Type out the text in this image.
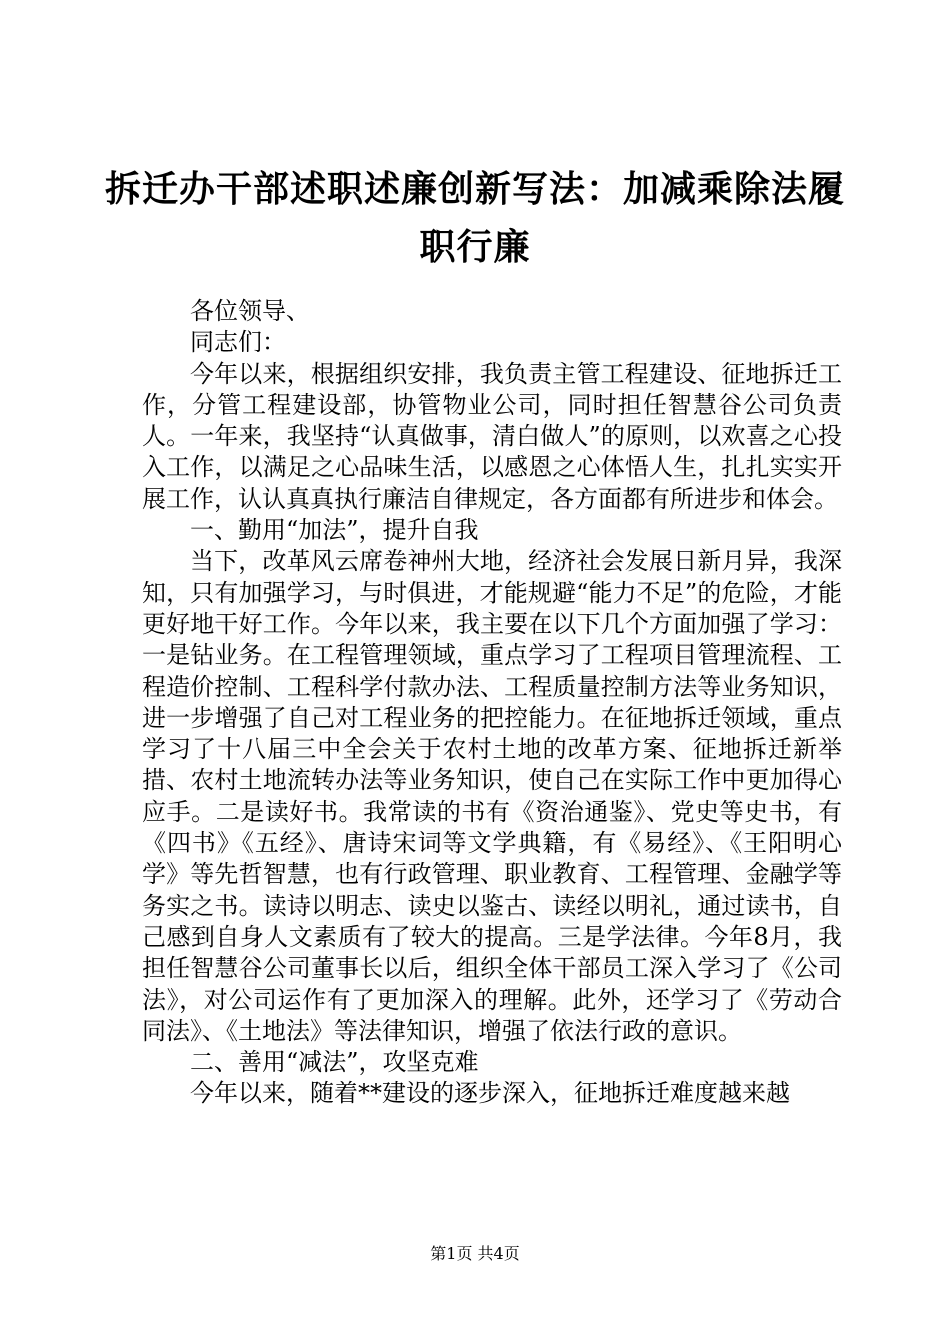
拆迁办干部述职述廉创新写法：加减乘除法履职行廉

各位领导、

同志们：

今年以来，根据组织安排，我负责主管工程建设、征地拆迁工作，分管工程建设部，协管物业公司，同时担任智慧谷公司负责人。一年来，我坚持“认真做事，清白做人”的原则，以欢喜之心投入工作，以满足之心品味生活，以感恩之心体悟人生，扎扎实实开展工作，认认真真执行廉洁自律规定，各方面都有所进步和体会。

一、勤用“加法”，提升自我

当下，改革风云席卷神州大地，经济社会发展日新月异，我深知，只有加强学习，与时俱进，才能规避“能力不足”的危险，才能更好地干好工作。今年以来，我主要在以下几个方面加强了学习：一是钻业务。在工程管理领域，重点学习了工程项目管理流程、工程造价控制、工程科学付款办法、工程质量控制方法等业务知识，进一步增强了自己对工程业务的把控能力。在征地拆迁领域，重点学习了十八届三中全会关于农村土地的改革方案、征地拆迁新举措、农村土地流转办法等业务知识，使自己在实际工作中更加得心应手。二是读好书。我常读的书有《资治通鉴》、党史等史书，有《四书》《五经》、唐诗宋词等文学典籍，有《易经》、《王阳明心学》等先哲智慧，也有行政管理、职业教育、工程管理、金融学等务实之书。读诗以明志、读史以鉴古、读经以明礼，通过读书，自己感到自身人文素质有了较大的提高。三是学法律。今年8月，我担任智慧谷公司董事长以后，组织全体干部员工深入学习了《公司法》，对公司运作有了更加深入的理解。此外，还学习了《劳动合同法》、《土地法》等法律知识，增强了依法行政的意识。

二、善用“减法”，攻坚克难

今年以来，随着**建设的逐步深入，征地拆迁难度越来越

第1页 共4页
